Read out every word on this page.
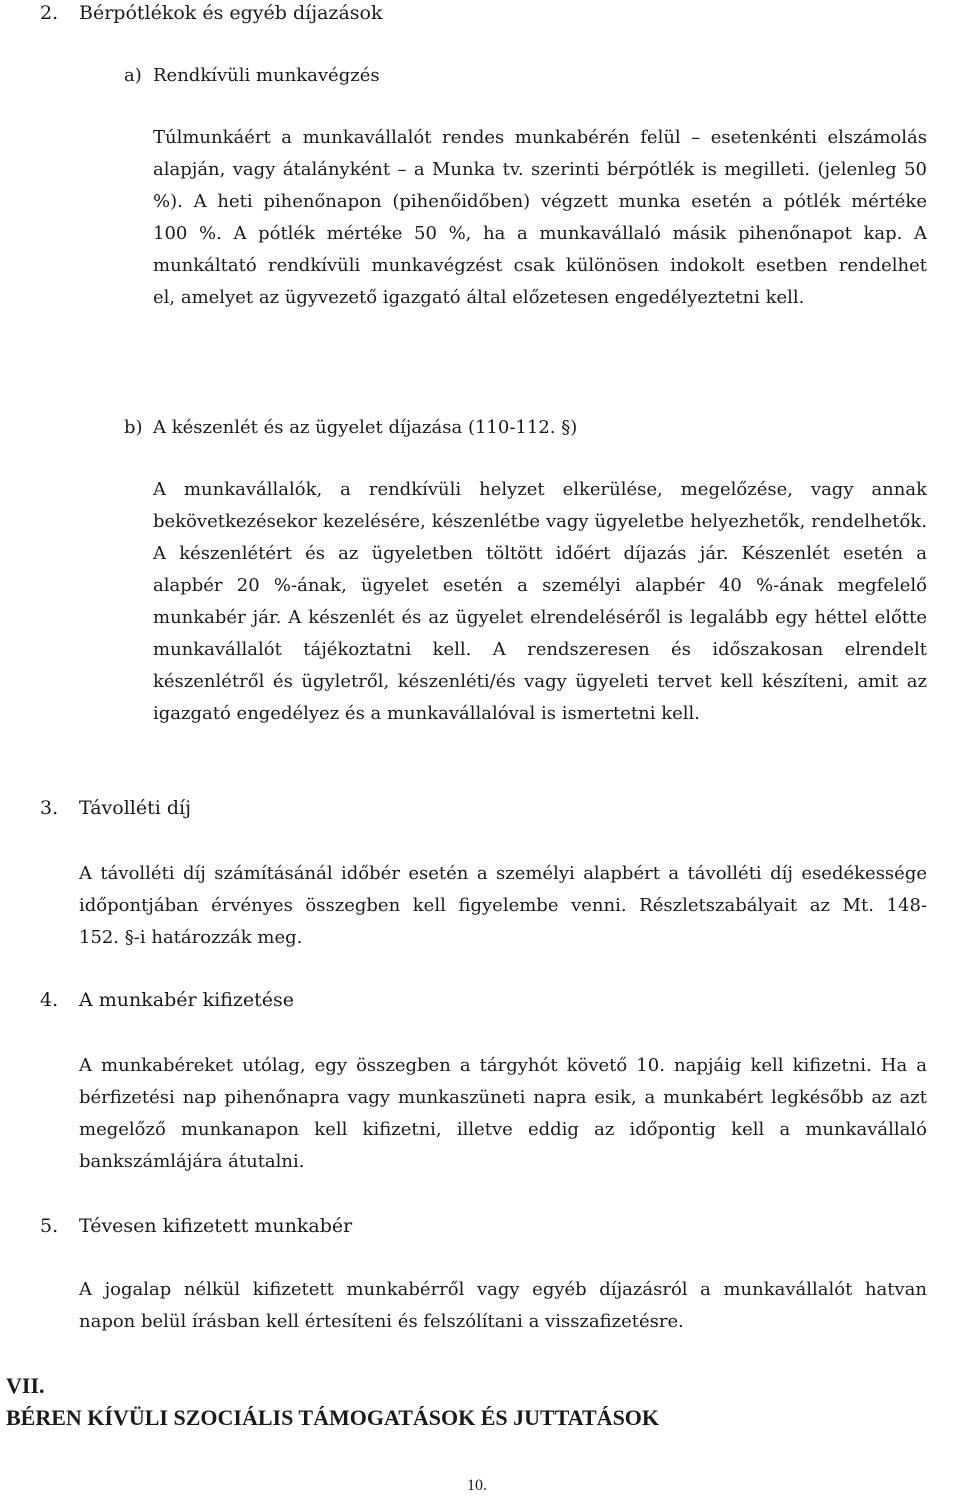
2. Bérpótlékok és egyéb díjazások
a) Rendkívüli munkavégzés
Túlmunkáért a munkavállalót rendes munkabérén felül – esetenkénti elszámolás
alapján, vagy átalányként – a Munka tv. szerinti bérpótlék is megilleti. (jelenleg 50
%). A heti pihenőnapon (pihenőidőben) végzett munka esetén a pótlék mértéke
100 %. A pótlék mértéke 50 %, ha a munkavállaló másik pihenőnapot kap. A
munkáltató rendkívüli munkavégzést csak különösen indokolt esetben rendelhet
el, amelyet az ügyvezető igazgató által előzetesen engedélyeztetni kell.
b) A készenlét és az ügyelet díjazása (110-112. §)
A munkavállalók, a rendkívüli helyzet elkerülése, megelőzése, vagy annak
bekövetkezésekor kezelésére, készenlétbe vagy ügyeletbe helyezhetők, rendelhetők.
A készenlétért és az ügyeletben töltött időért díjazás jár. Készenlét esetén a
alapbér 20 %-ának, ügyelet esetén a személyi alapbér 40 %-ának megfelelő
munkabér jár. A készenlét és az ügyelet elrendeléséről is legalább egy héttel előtte
munkavállalót tájékoztatni kell. A rendszeresen és időszakosan elrendelt
készenlétről és ügyletről, készenléti/és vagy ügyeleti tervet kell készíteni, amit az
igazgató engedélyez és a munkavállalóval is ismertetni kell.
3. Távolléti díj
A távolléti díj számításánál időbér esetén a személyi alapbért a távolléti díj esedékessége
időpontjában érvényes összegben kell figyelembe venni. Részletszabályait az Mt. 148-
152. §-i határozzák meg.
4. A munkabér kifizetése
A munkabéreket utólag, egy összegben a tárgyhót követő 10. napjáig kell kifizetni. Ha a
bérfizetési nap pihenőnapra vagy munkaszüneti napra esik, a munkabért legkésőbb az azt
megelőző munkanapon kell kifizetni, illetve eddig az időpontig kell a munkavállaló
bankszámlájára átutalni.
5. Tévesen kifizetett munkabér
A jogalap nélkül kifizetett munkabérről vagy egyéb díjazásról a munkavállalót hatvan
napon belül írásban kell értesíteni és felszólítani a visszafizetésre.
VII.
BÉREN KÍVÜLI SZOCIÁLIS TÁMOGATÁSOK ÉS JUTTATÁSOK
10.
